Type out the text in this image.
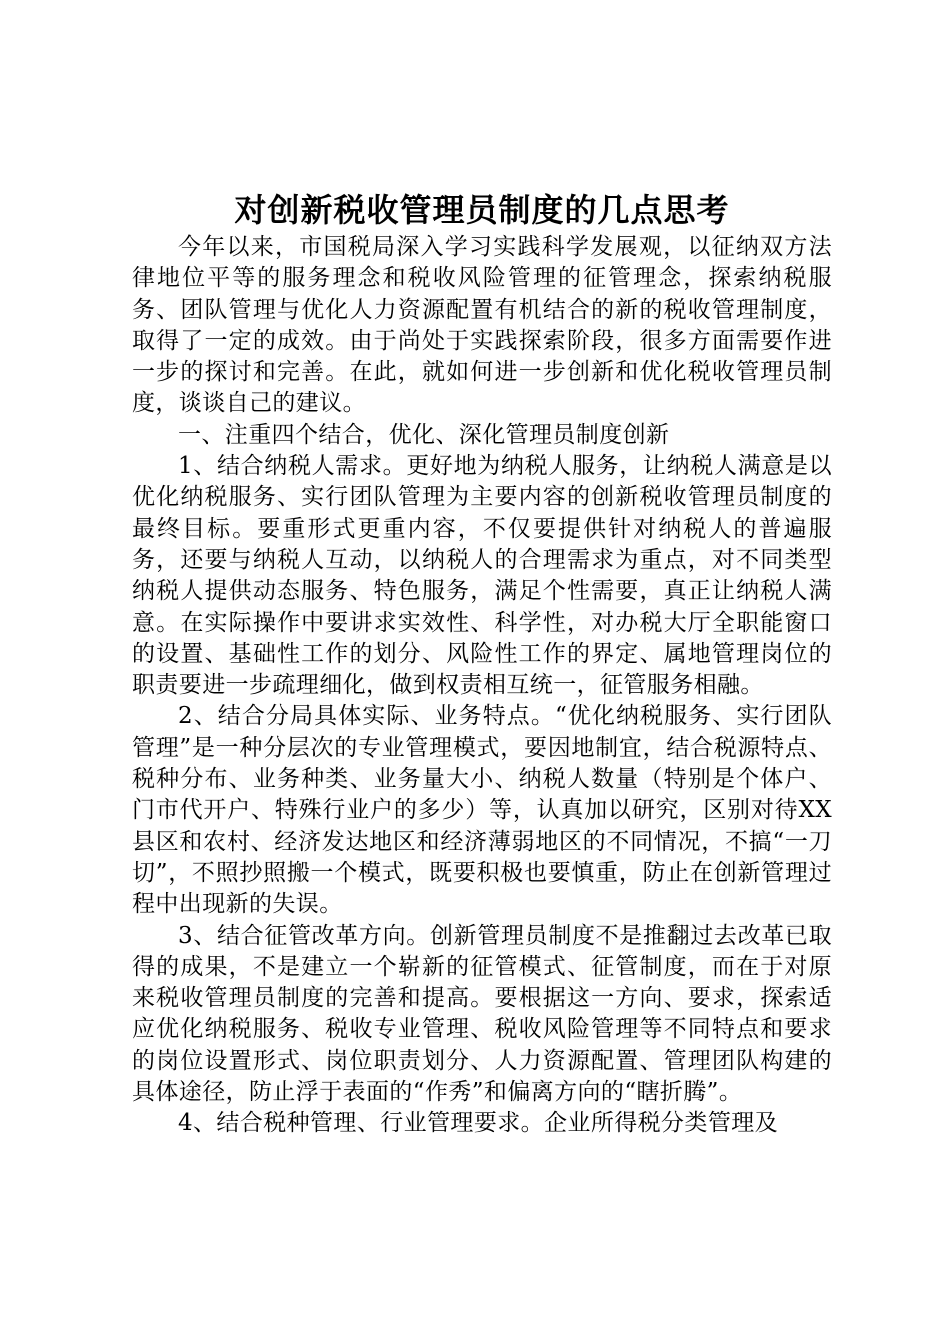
对创新税收管理员制度的几点思考

今年以来，市国税局深入学习实践科学发展观，以征纳双方法律地位平等的服务理念和税收风险管理的征管理念，探索纳税服务、团队管理与优化人力资源配置有机结合的新的税收管理制度，取得了一定的成效。由于尚处于实践探索阶段，很多方面需要作进一步的探讨和完善。在此，就如何进一步创新和优化税收管理员制度，谈谈自己的建议。

一、注重四个结合，优化、深化管理员制度创新

1、结合纳税人需求。更好地为纳税人服务，让纳税人满意是以优化纳税服务、实行团队管理为主要内容的创新税收管理员制度的最终目标。要重形式更重内容，不仅要提供针对纳税人的普遍服务，还要与纳税人互动，以纳税人的合理需求为重点，对不同类型纳税人提供动态服务、特色服务，满足个性需要，真正让纳税人满意。在实际操作中要讲求实效性、科学性，对办税大厅全职能窗口的设置、基础性工作的划分、风险性工作的界定、属地管理岗位的职责要进一步疏理细化，做到权责相互统一，征管服务相融。

2、结合分局具体实际、业务特点。“优化纳税服务、实行团队管理”是一种分层次的专业管理模式，要因地制宜，结合税源特点、税种分布、业务种类、业务量大小、纳税人数量（特别是个体户、门市代开户、特殊行业户的多少）等，认真加以研究，区别对待XX县区和农村、经济发达地区和经济薄弱地区的不同情况，不搞“一刀切”，不照抄照搬一个模式，既要积极也要慎重，防止在创新管理过程中出现新的失误。

3、结合征管改革方向。创新管理员制度不是推翻过去改革已取得的成果，不是建立一个崭新的征管模式、征管制度，而在于对原来税收管理员制度的完善和提高。要根据这一方向、要求，探索适应优化纳税服务、税收专业管理、税收风险管理等不同特点和要求的岗位设置形式、岗位职责划分、人力资源配置、管理团队构建的具体途径，防止浮于表面的“作秀”和偏离方向的“瞎折腾”。

4、结合税种管理、行业管理要求。企业所得税分类管理及
